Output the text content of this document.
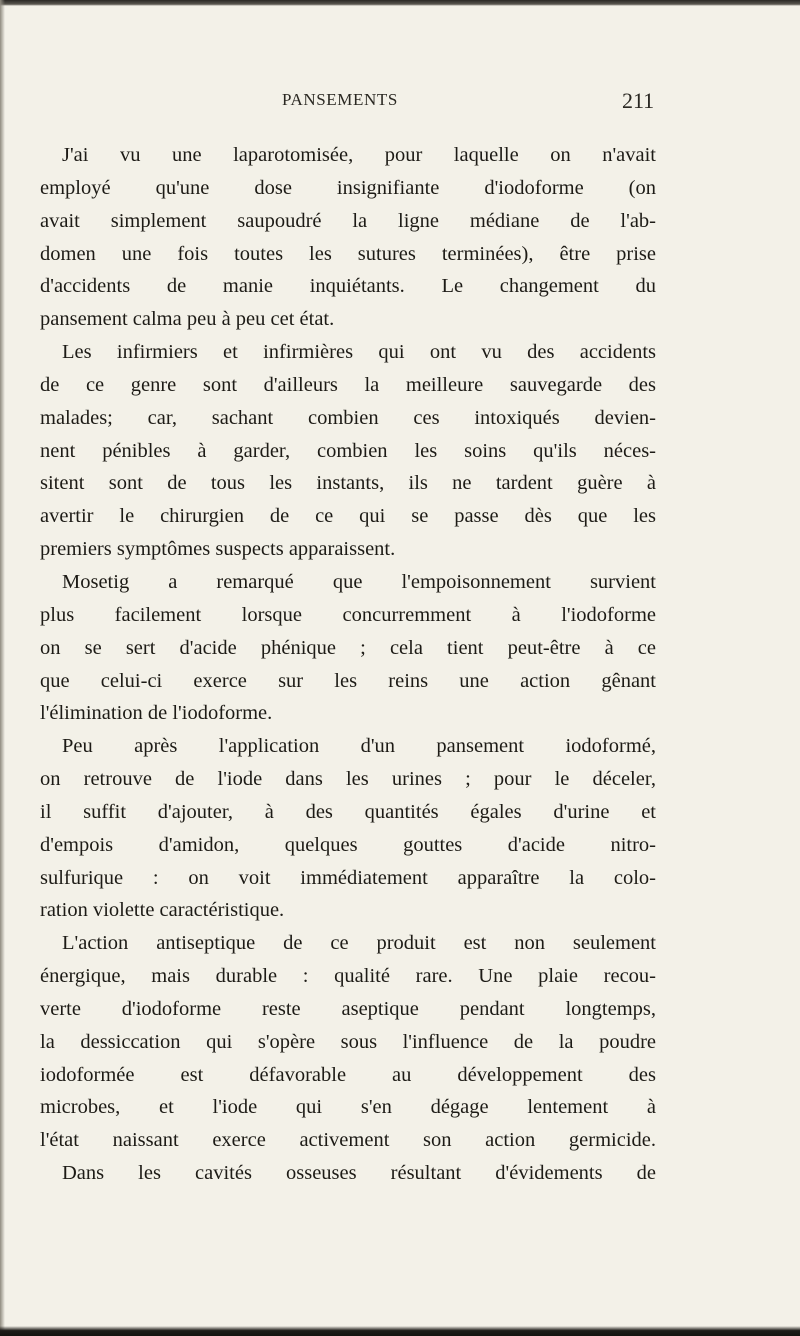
PANSEMENTS	211
J'ai vu une laparotomisée, pour laquelle on n'avait
employé qu'une dose insignifiante d'iodoforme (on
avait simplement saupoudré la ligne médiane de l'ab-
domen une fois toutes les sutures terminées), être prise
d'accidents de manie inquiétants. Le changement du
pansement calma peu à peu cet état.
Les infirmiers et infirmières qui ont vu des accidents
de ce genre sont d'ailleurs la meilleure sauvegarde des
malades; car, sachant combien ces intoxiqués devien-
nent pénibles à garder, combien les soins qu'ils néces-
sitent sont de tous les instants, ils ne tardent guère à
avertir le chirurgien de ce qui se passe dès que les
premiers symptômes suspects apparaissent.
Mosetig a remarqué que l'empoisonnement survient
plus facilement lorsque concurremment à l'iodoforme
on se sert d'acide phénique ; cela tient peut-être à ce
que celui-ci exerce sur les reins une action gênant
l'élimination de l'iodoforme.
Peu après l'application d'un pansement iodoformé,
on retrouve de l'iode dans les urines ; pour le déceler,
il suffit d'ajouter, à des quantités égales d'urine et
d'empois d'amidon, quelques gouttes d'acide nitro-
sulfurique : on voit immédiatement apparaître la colo-
ration violette caractéristique.
L'action antiseptique de ce produit est non seulement
énergique, mais durable : qualité rare. Une plaie recou-
verte d'iodoforme reste aseptique pendant longtemps,
la dessiccation qui s'opère sous l'influence de la poudre
iodoformée est défavorable au développement des
microbes, et l'iode qui s'en dégage lentement à
l'état naissant exerce activement son action germicide.
Dans les cavités osseuses résultant d'évidements de
